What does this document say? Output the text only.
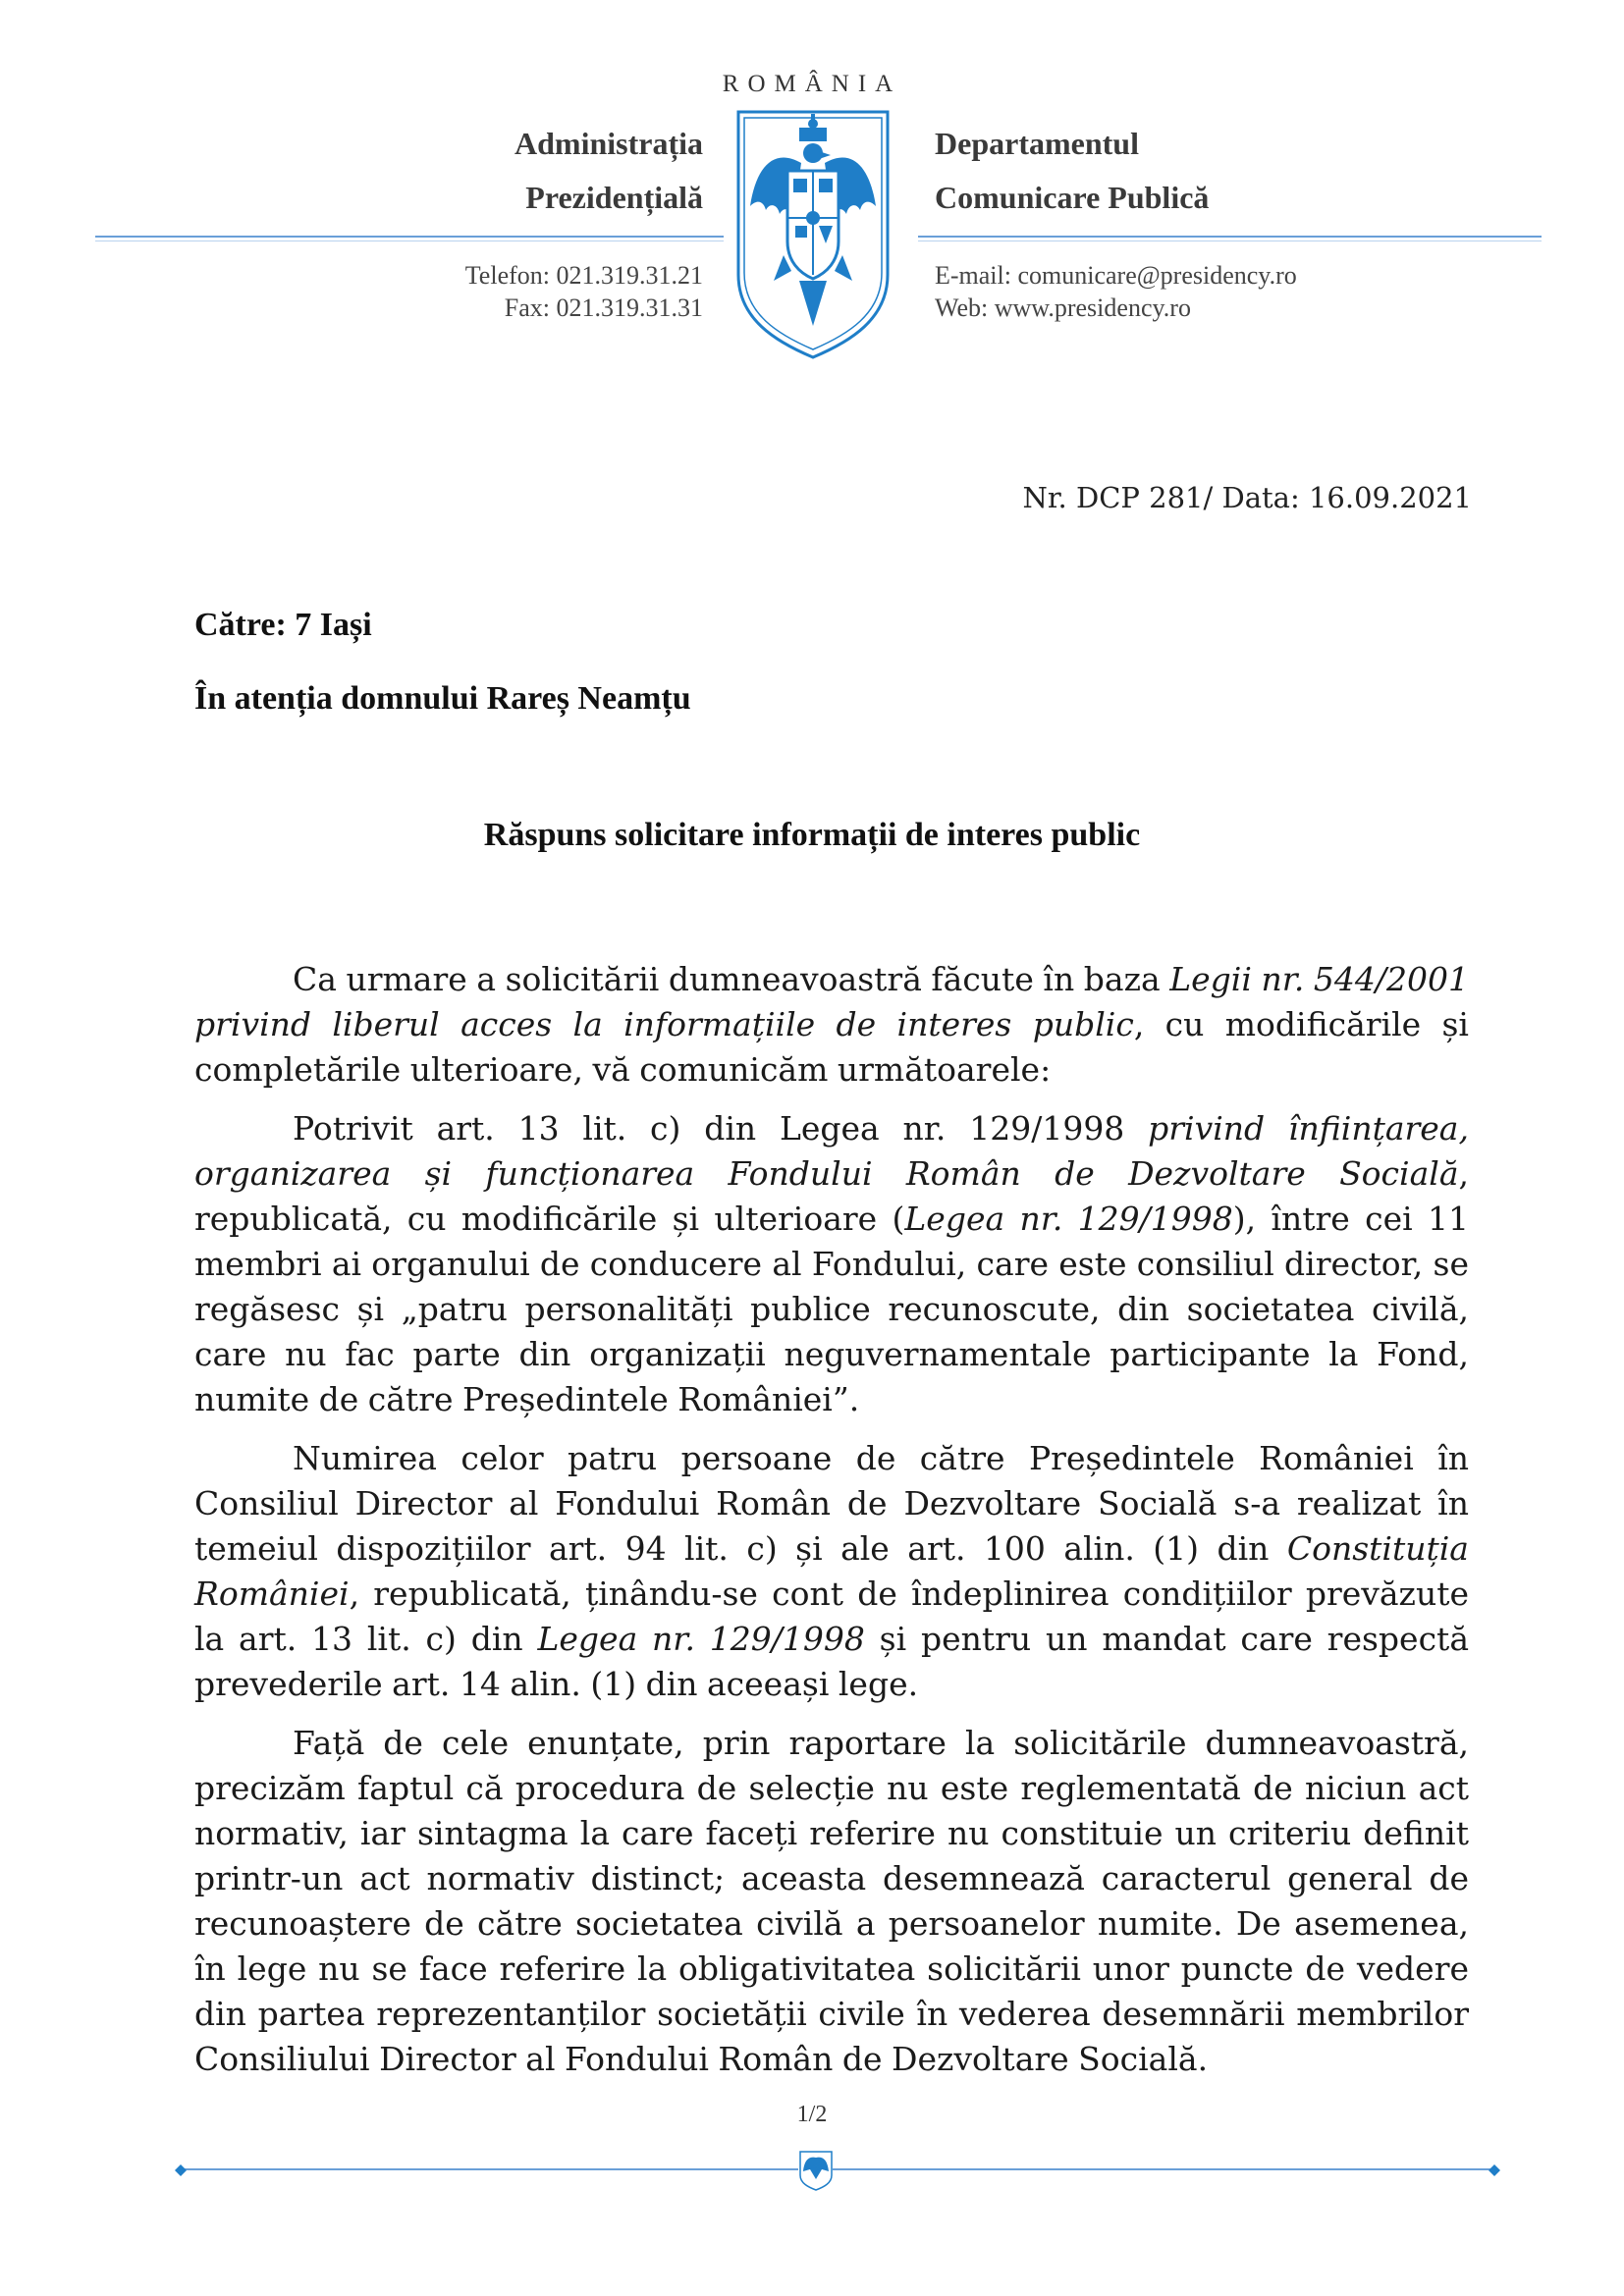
ROMÂNIA

Administrația

Prezidențială

Departamentul

Comunicare Publică

Telefon: 021.319.31.21

Fax: 021.319.31.31

E-mail: comunicare@presidency.ro

Web: www.presidency.ro

Nr. DCP 281/ Data: 16.09.2021

Către: 7 Iași

În atenția domnului Rareș Neamțu

Răspuns solicitare informații de interes public

Ca urmare a solicitării dumneavoastră făcute în baza Legii nr. 544/2001 privind liberul acces la informațiile de interes public, cu modificările și completările ulterioare, vă comunicăm următoarele:

Potrivit art. 13 lit. c) din Legea nr. 129/1998 privind înființarea, organizarea și funcționarea Fondului Român de Dezvoltare Socială, republicată, cu modificările și ulterioare (Legea nr. 129/1998), între cei 11 membri ai organului de conducere al Fondului, care este consiliul director, se regăsesc și „patru personalități publice recunoscute, din societatea civilă, care nu fac parte din organizații neguvernamentale participante la Fond, numite de către Președintele României”.

Numirea celor patru persoane de către Președintele României în Consiliul Director al Fondului Român de Dezvoltare Socială s-a realizat în temeiul dispozițiilor art. 94 lit. c) și ale art. 100 alin. (1) din Constituția României, republicată, ținându-se cont de îndeplinirea condițiilor prevăzute la art. 13 lit. c) din Legea nr. 129/1998 și pentru un mandat care respectă prevederile art. 14 alin. (1) din aceeași lege.

Față de cele enunțate, prin raportare la solicitările dumneavoastră, precizăm faptul că procedura de selecție nu este reglementată de niciun act normativ, iar sintagma la care faceți referire nu constituie un criteriu definit printr-un act normativ distinct; aceasta desemnează caracterul general de recunoaștere de către societatea civilă a persoanelor numite. De asemenea, în lege nu se face referire la obligativitatea solicitării unor puncte de vedere din partea reprezentanților societății civile în vederea desemnării membrilor Consiliului Director al Fondului Român de Dezvoltare Socială.

1/2
